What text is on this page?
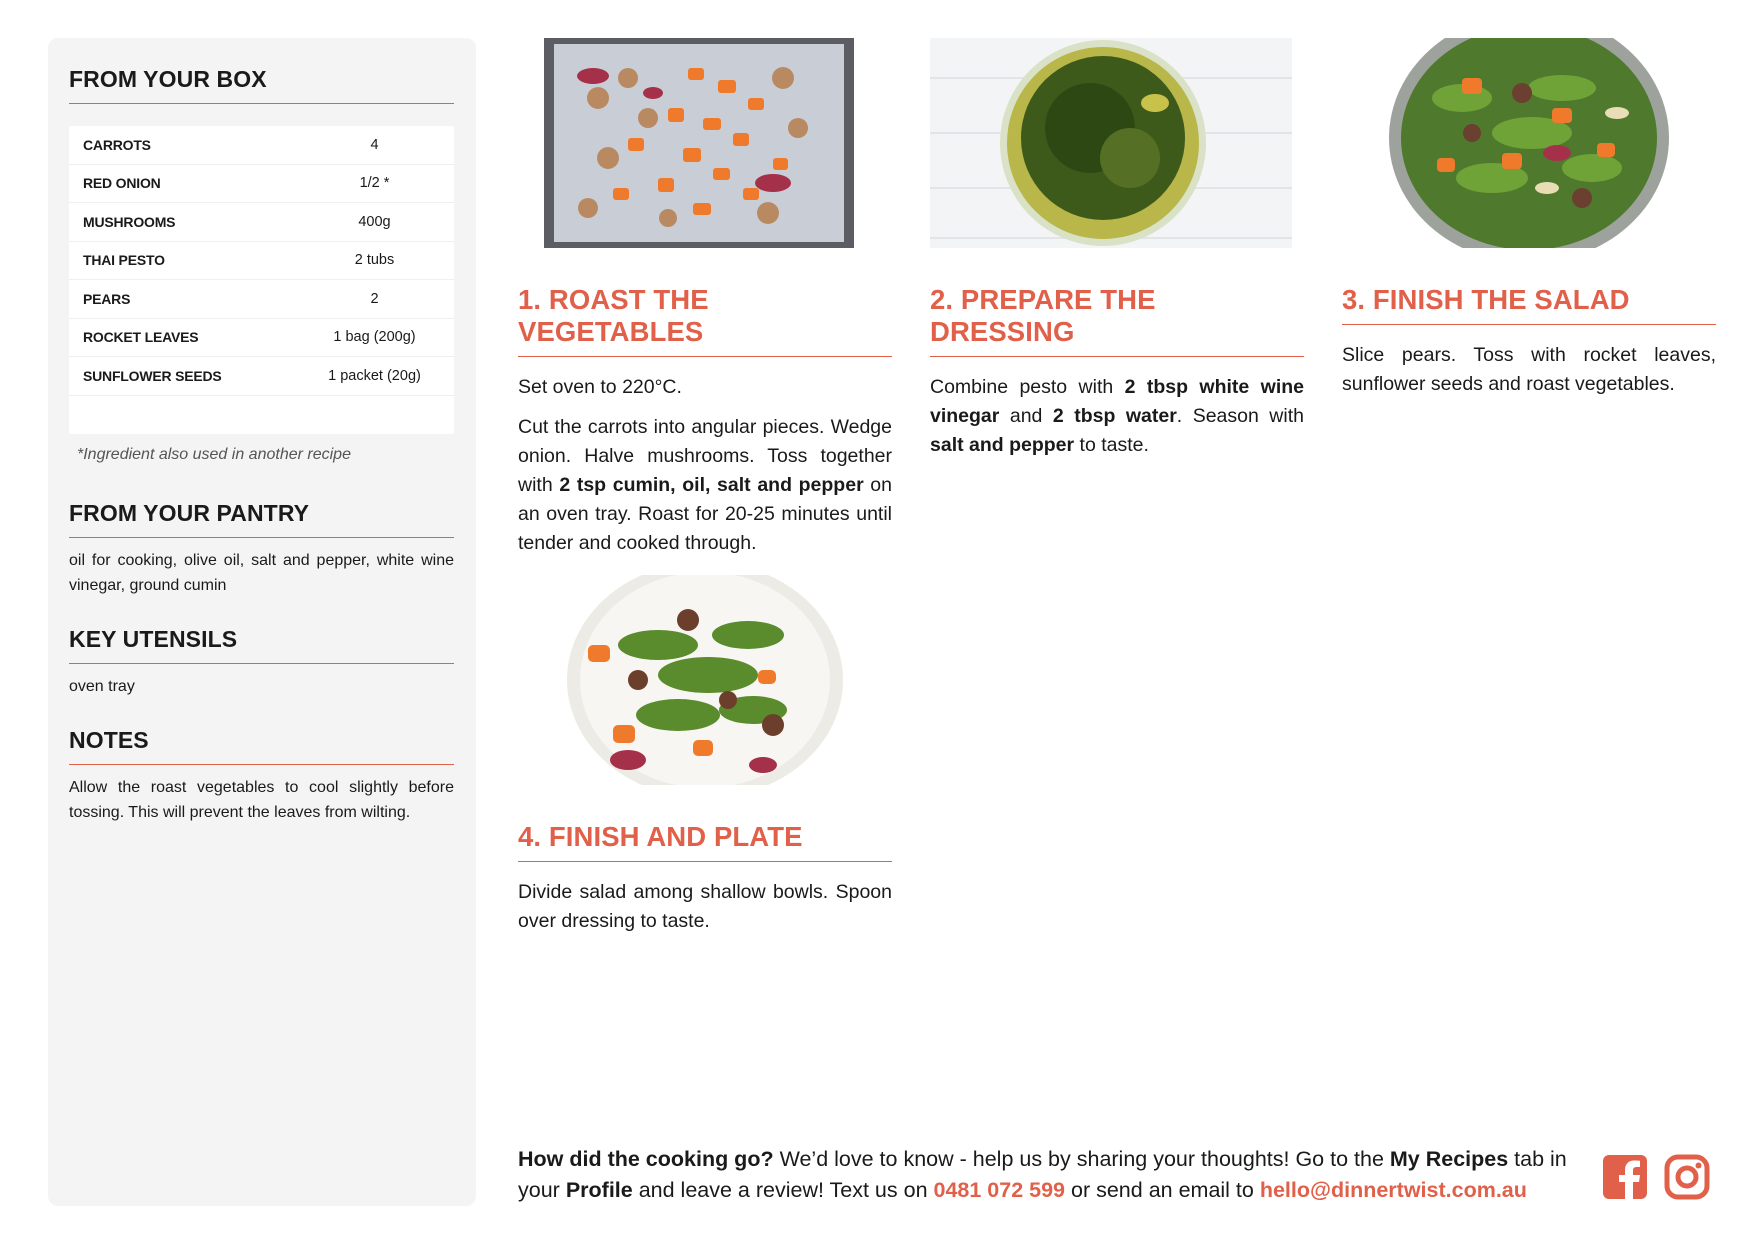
FROM YOUR BOX
CARROTS	4
RED ONION	1/2 *
MUSHROOMS	400g
THAI PESTO	2 tubs
PEARS	2
ROCKET LEAVES	1 bag (200g)
SUNFLOWER SEEDS	1 packet (20g)

*Ingredient also used in another recipe

FROM YOUR PANTRY

oil for cooking, olive oil, salt and pepper, white wine vinegar, ground cumin

KEY UTENSILS

oven tray

NOTES

Allow the roast vegetables to cool slightly before tossing. This will prevent the leaves from wilting.

1. ROAST THE VEGETABLES

Set oven to 220°C.

Cut the carrots into angular pieces. Wedge onion. Halve mushrooms. Toss together with 2 tsp cumin, oil, salt and pepper on an oven tray. Roast for 20-25 minutes until tender and cooked through.

2. PREPARE THE DRESSING

Combine pesto with 2 tbsp white wine vinegar and 2 tbsp water. Season with salt and pepper to taste.

3. FINISH THE SALAD

Slice pears. Toss with rocket leaves, sunflower seeds and roast vegetables.

4. FINISH AND PLATE

Divide salad among shallow bowls. Spoon over dressing to taste.

How did the cooking go? We’d love to know - help us by sharing your thoughts! Go to the My Recipes tab in your Profile and leave a review! Text us on 0481 072 599 or send an email to hello@dinnertwist.com.au
